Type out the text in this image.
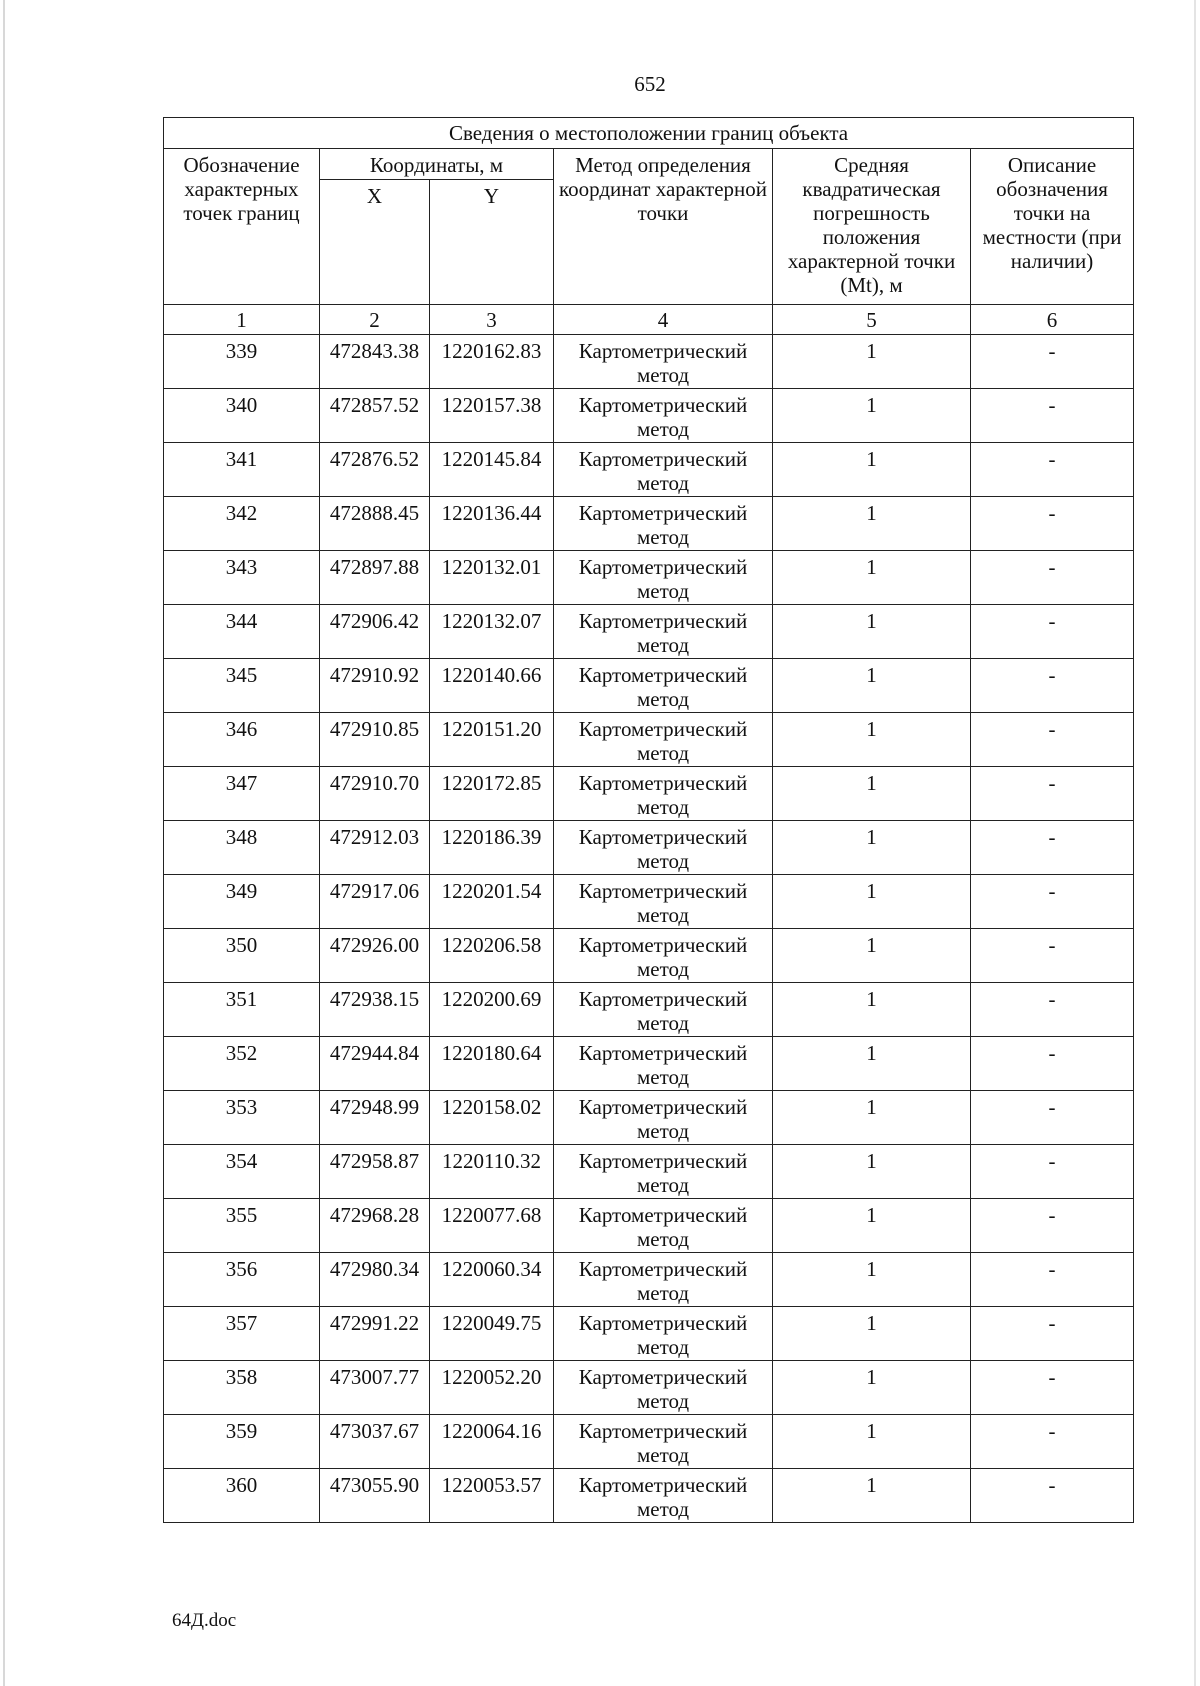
652
Сведения о местоположении границ объекта					
Обозначение характерных точек границ	Координаты, м		Метод определения координат характерной точки	Средняя квадратическая погрешность положения характерной точки (Mt), м	Описание обозначения точки на местности (при наличии)
	X	Y			
1	2	3	4	5	6
339	472843.38	1220162.83	Картометрический метод	1	-
340	472857.52	1220157.38	Картометрический метод	1	-
341	472876.52	1220145.84	Картометрический метод	1	-
342	472888.45	1220136.44	Картометрический метод	1	-
343	472897.88	1220132.01	Картометрический метод	1	-
344	472906.42	1220132.07	Картометрический метод	1	-
345	472910.92	1220140.66	Картометрический метод	1	-
346	472910.85	1220151.20	Картометрический метод	1	-
347	472910.70	1220172.85	Картометрический метод	1	-
348	472912.03	1220186.39	Картометрический метод	1	-
349	472917.06	1220201.54	Картометрический метод	1	-
350	472926.00	1220206.58	Картометрический метод	1	-
351	472938.15	1220200.69	Картометрический метод	1	-
352	472944.84	1220180.64	Картометрический метод	1	-
353	472948.99	1220158.02	Картометрический метод	1	-
354	472958.87	1220110.32	Картометрический метод	1	-
355	472968.28	1220077.68	Картометрический метод	1	-
356	472980.34	1220060.34	Картометрический метод	1	-
357	472991.22	1220049.75	Картометрический метод	1	-
358	473007.77	1220052.20	Картометрический метод	1	-
359	473037.67	1220064.16	Картометрический метод	1	-
360	473055.90	1220053.57	Картометрический метод	1	-
64Д.doc
